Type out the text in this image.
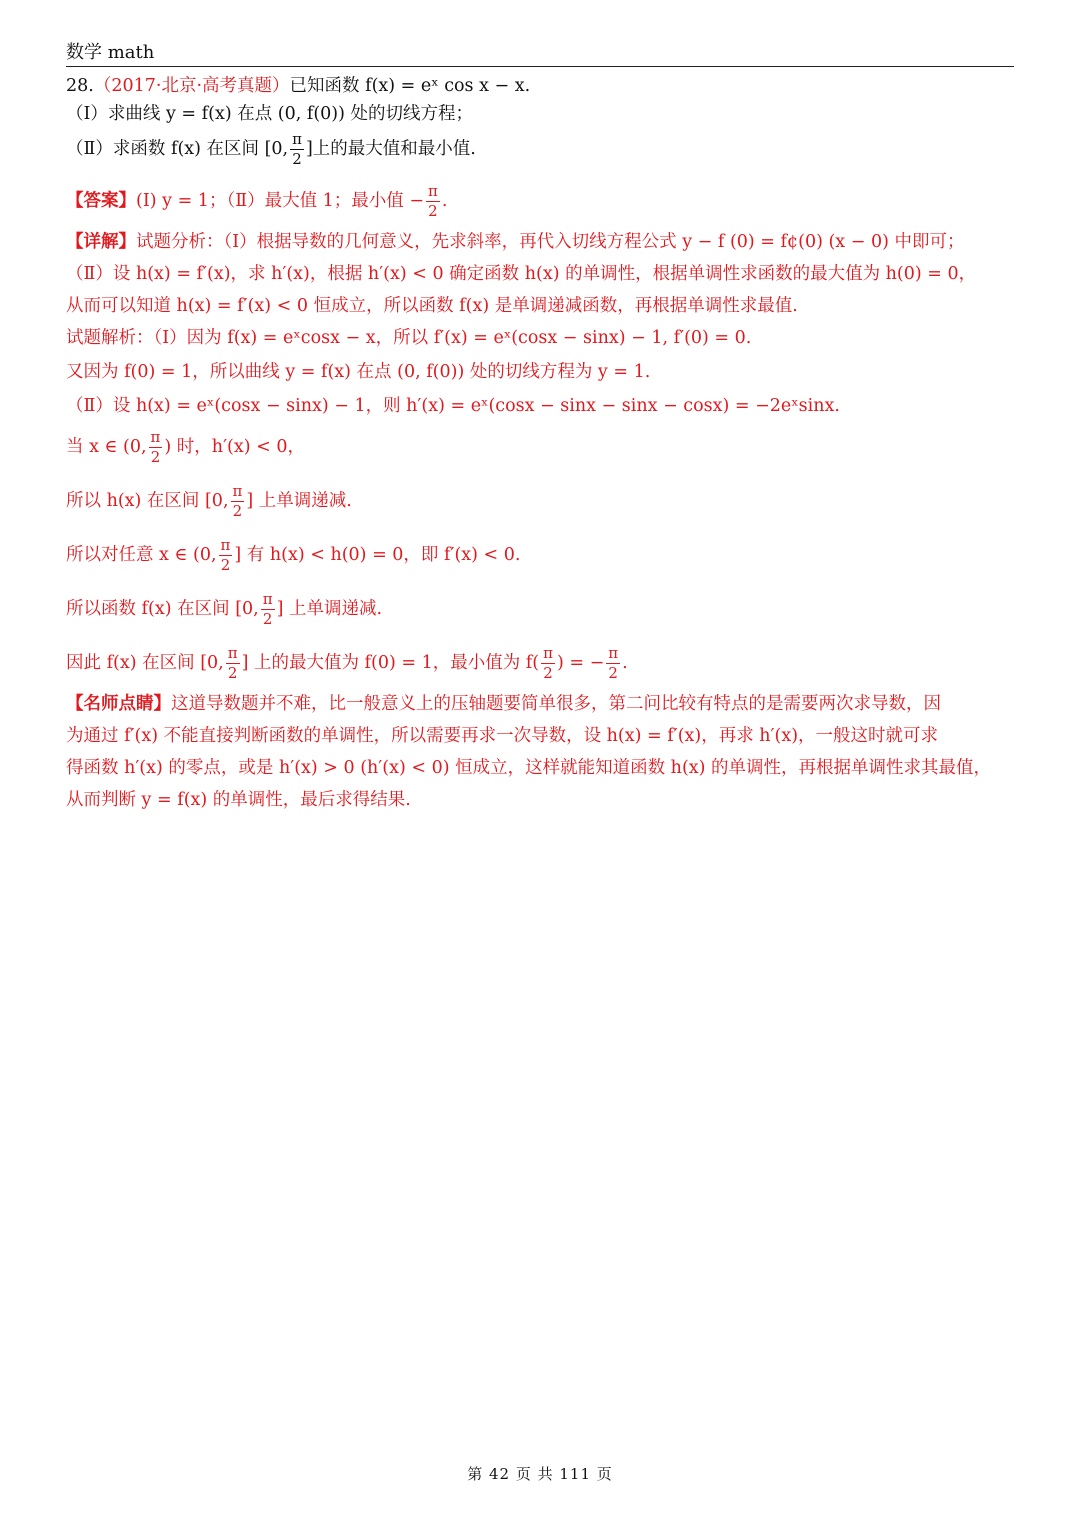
数学 math
28.（2017·北京·高考真题）已知函数 f(x) = eˣ cos x − x.
（Ⅰ）求曲线 y = f(x) 在点 (0, f(0)) 处的切线方程；
（Ⅱ）求函数 f(x) 在区间 [0, $\frac{\pi}{2}$ ]上的最大值和最小值.
【答案】(Ⅰ) y = 1；（Ⅱ）最大值 1；最小值 − $\frac{\pi}{2}$ .
【详解】试题分析：（Ⅰ）根据导数的几何意义，先求斜率，再代入切线方程公式 y − f (0) = f¢(0) (x − 0) 中即可；
（Ⅱ）设 h(x) = f′(x)，求 h′(x)，根据 h′(x) < 0 确定函数 h(x) 的单调性，根据单调性求函数的最大值为 h(0) = 0，
从而可以知道 h(x) = f′(x) < 0 恒成立，所以函数 f(x) 是单调递减函数，再根据单调性求最值.
试题解析：（Ⅰ）因为 f(x) = eˣcosx − x，所以 f′(x) = eˣ(cosx − sinx) − 1, f′(0) = 0.
又因为 f(0) = 1，所以曲线 y = f(x) 在点 (0, f(0)) 处的切线方程为 y = 1.
（Ⅱ）设 h(x) = eˣ(cosx − sinx) − 1，则 h′(x) = eˣ(cosx − sinx − sinx − cosx) = −2eˣsinx.
当 x ∈ (0, $\frac{\pi}{2}$ ) 时，h′(x) < 0，
所以 h(x) 在区间 [0, $\frac{\pi}{2}$ ] 上单调递减.
所以对任意 x ∈ (0, $\frac{\pi}{2}$ ] 有 h(x) < h(0) = 0，即 f′(x) < 0.
所以函数 f(x) 在区间 [0, $\frac{\pi}{2}$ ] 上单调递减.
因此 f(x) 在区间 [0, $\frac{\pi}{2}$ ] 上的最大值为 f(0) = 1，最小值为 $f( \frac{\pi}{2}$ ) = − $\frac{\pi}{2}$ .
【名师点睛】这道导数题并不难，比一般意义上的压轴题要简单很多，第二问比较有特点的是需要两次求导数，因
为通过 f′(x) 不能直接判断函数的单调性，所以需要再求一次导数，设 h(x) = f′(x)，再求 h′(x)，一般这时就可求
得函数 h′(x) 的零点，或是 h′(x) > 0 (h′(x) < 0) 恒成立，这样就能知道函数 h(x) 的单调性，再根据单调性求其最值，
从而判断 y = f(x) 的单调性，最后求得结果.
第 42 页 共 111 页
